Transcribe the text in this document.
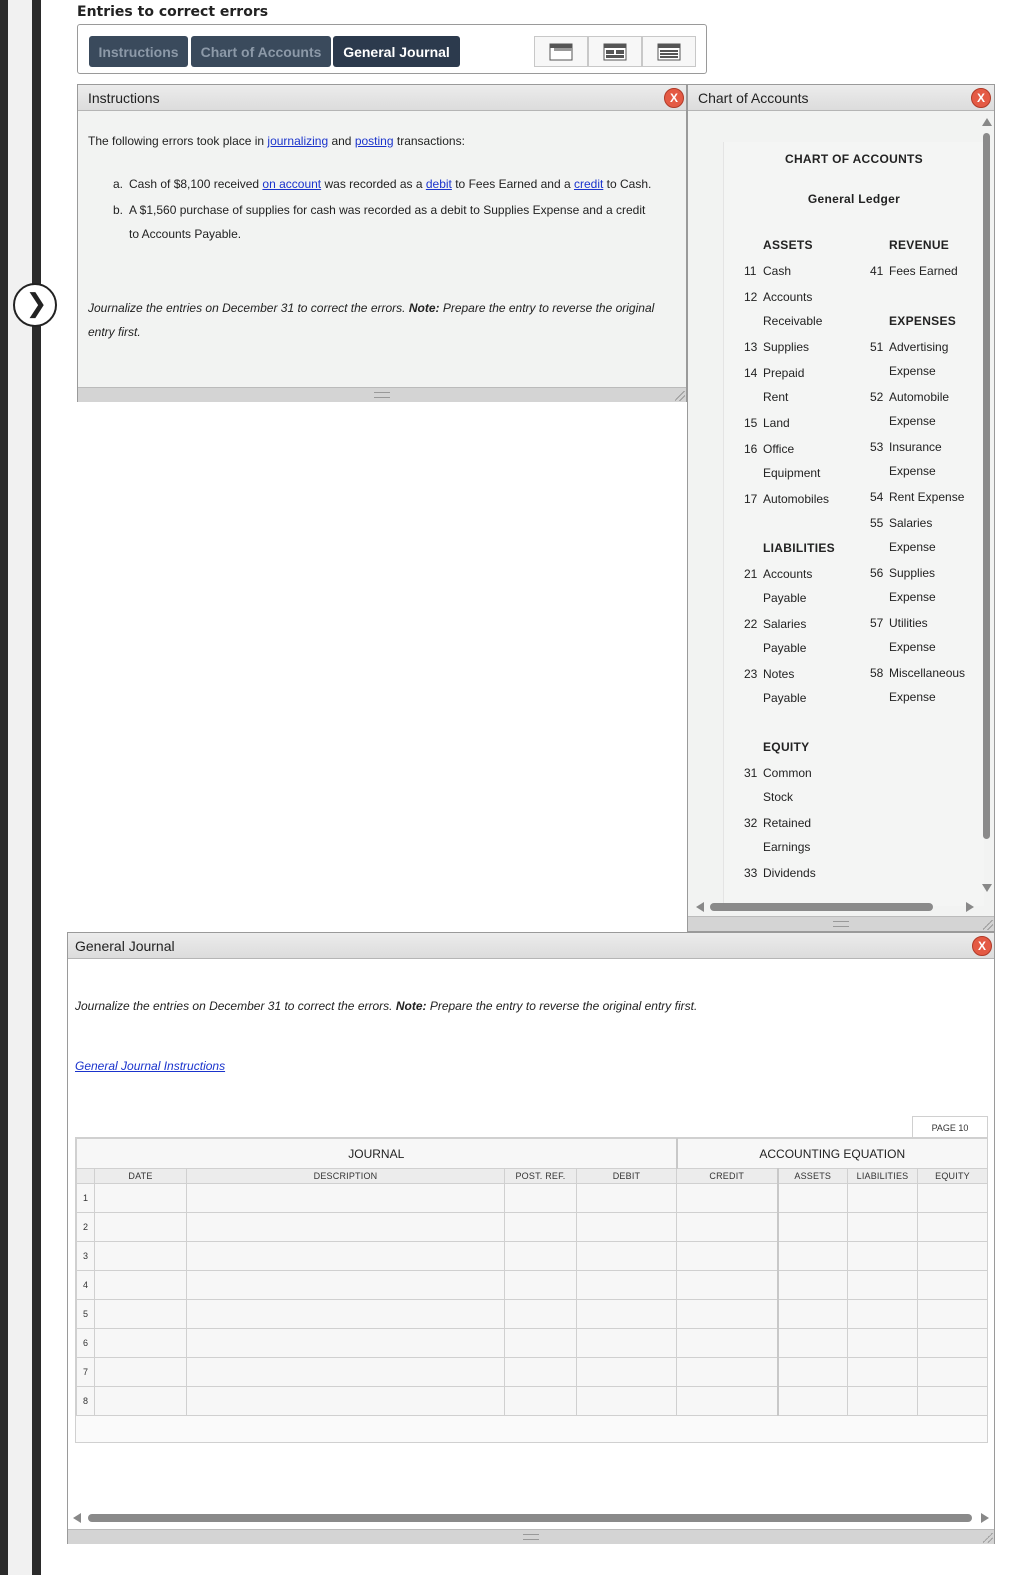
❯
Entries to correct errors
Instructions	Chart of Accounts	General Journal
Instructions	X
The following errors took place in journalizing and posting transactions:
a. Cash of $8,100 received on account was recorded as a debit to Fees Earned and a credit to Cash.
b. A $1,560 purchase of supplies for cash was recorded as a debit to Supplies Expense and a credit
to Accounts Payable.
Journalize the entries on December 31 to correct the errors. Note: Prepare the entry to reverse the original
entry first.
Chart of Accounts	X
CHART OF ACCOUNTS
General Ledger
ASSETS
11 Cash
12 Accounts
Receivable
13 Supplies
14 Prepaid
Rent
15 Land
16 Office
Equipment
17 Automobiles
LIABILITIES
21 Accounts
Payable
22 Salaries
Payable
23 Notes
Payable
EQUITY
31 Common
Stock
32 Retained
Earnings
33 Dividends
REVENUE
41 Fees Earned
EXPENSES
51 Advertising
Expense
52 Automobile
Expense
53 Insurance
Expense
54 Rent Expense
55 Salaries
Expense
56 Supplies
Expense
57 Utilities
Expense
58 Miscellaneous
Expense
General Journal	X
Journalize the entries on December 31 to correct the errors. Note: Prepare the entry to reverse the original entry first.
General Journal Instructions
PAGE 10
JOURNAL					ACCOUNTING EQUATION			
	DATE	DESCRIPTION	POST. REF.	DEBIT	CREDIT	ASSETS	LIABILITIES	EQUITY
1								
2								
3								
4								
5								
6								
7								
8								
